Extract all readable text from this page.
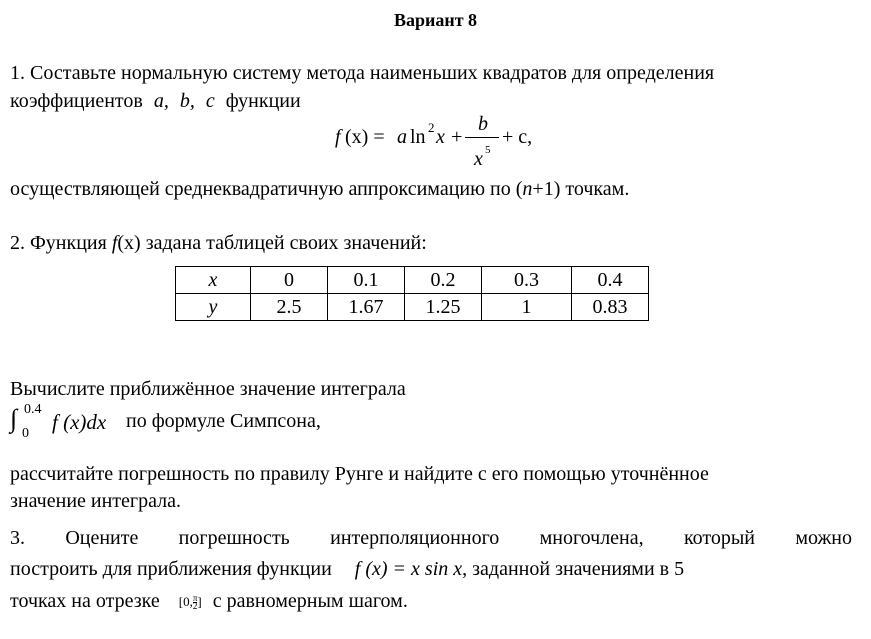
Вариант 8
1. Составьте нормальную систему метода наименьших квадратов для определения
коэффициентов a, b, c функции
f (x) = a ln 2 x +
b
x 5
+ c,
осуществляющей среднеквадратичную аппроксимацию по (n+1) точкам.
2. Функция f(x) задана таблицей своих значений:
x	0	0.1	0.2	0.3	0.4
y	2.5	1.67	1.25	1	0.83
Вычислите приближённое значение интеграла
∫ 0.4
0 f (x)dx по формуле Симпсона,
рассчитайте погрешность по правилу Рунге и найдите с его помощью уточнённое
значение интеграла.
3. Оцените погрешность интерполяционного многочлена, который можно
построить для приближения функции f (x) = x sin x, заданной значениями в 5
точках на отрезке [0, $\frac{\pi}{2}$ ] с равномерным шагом.
